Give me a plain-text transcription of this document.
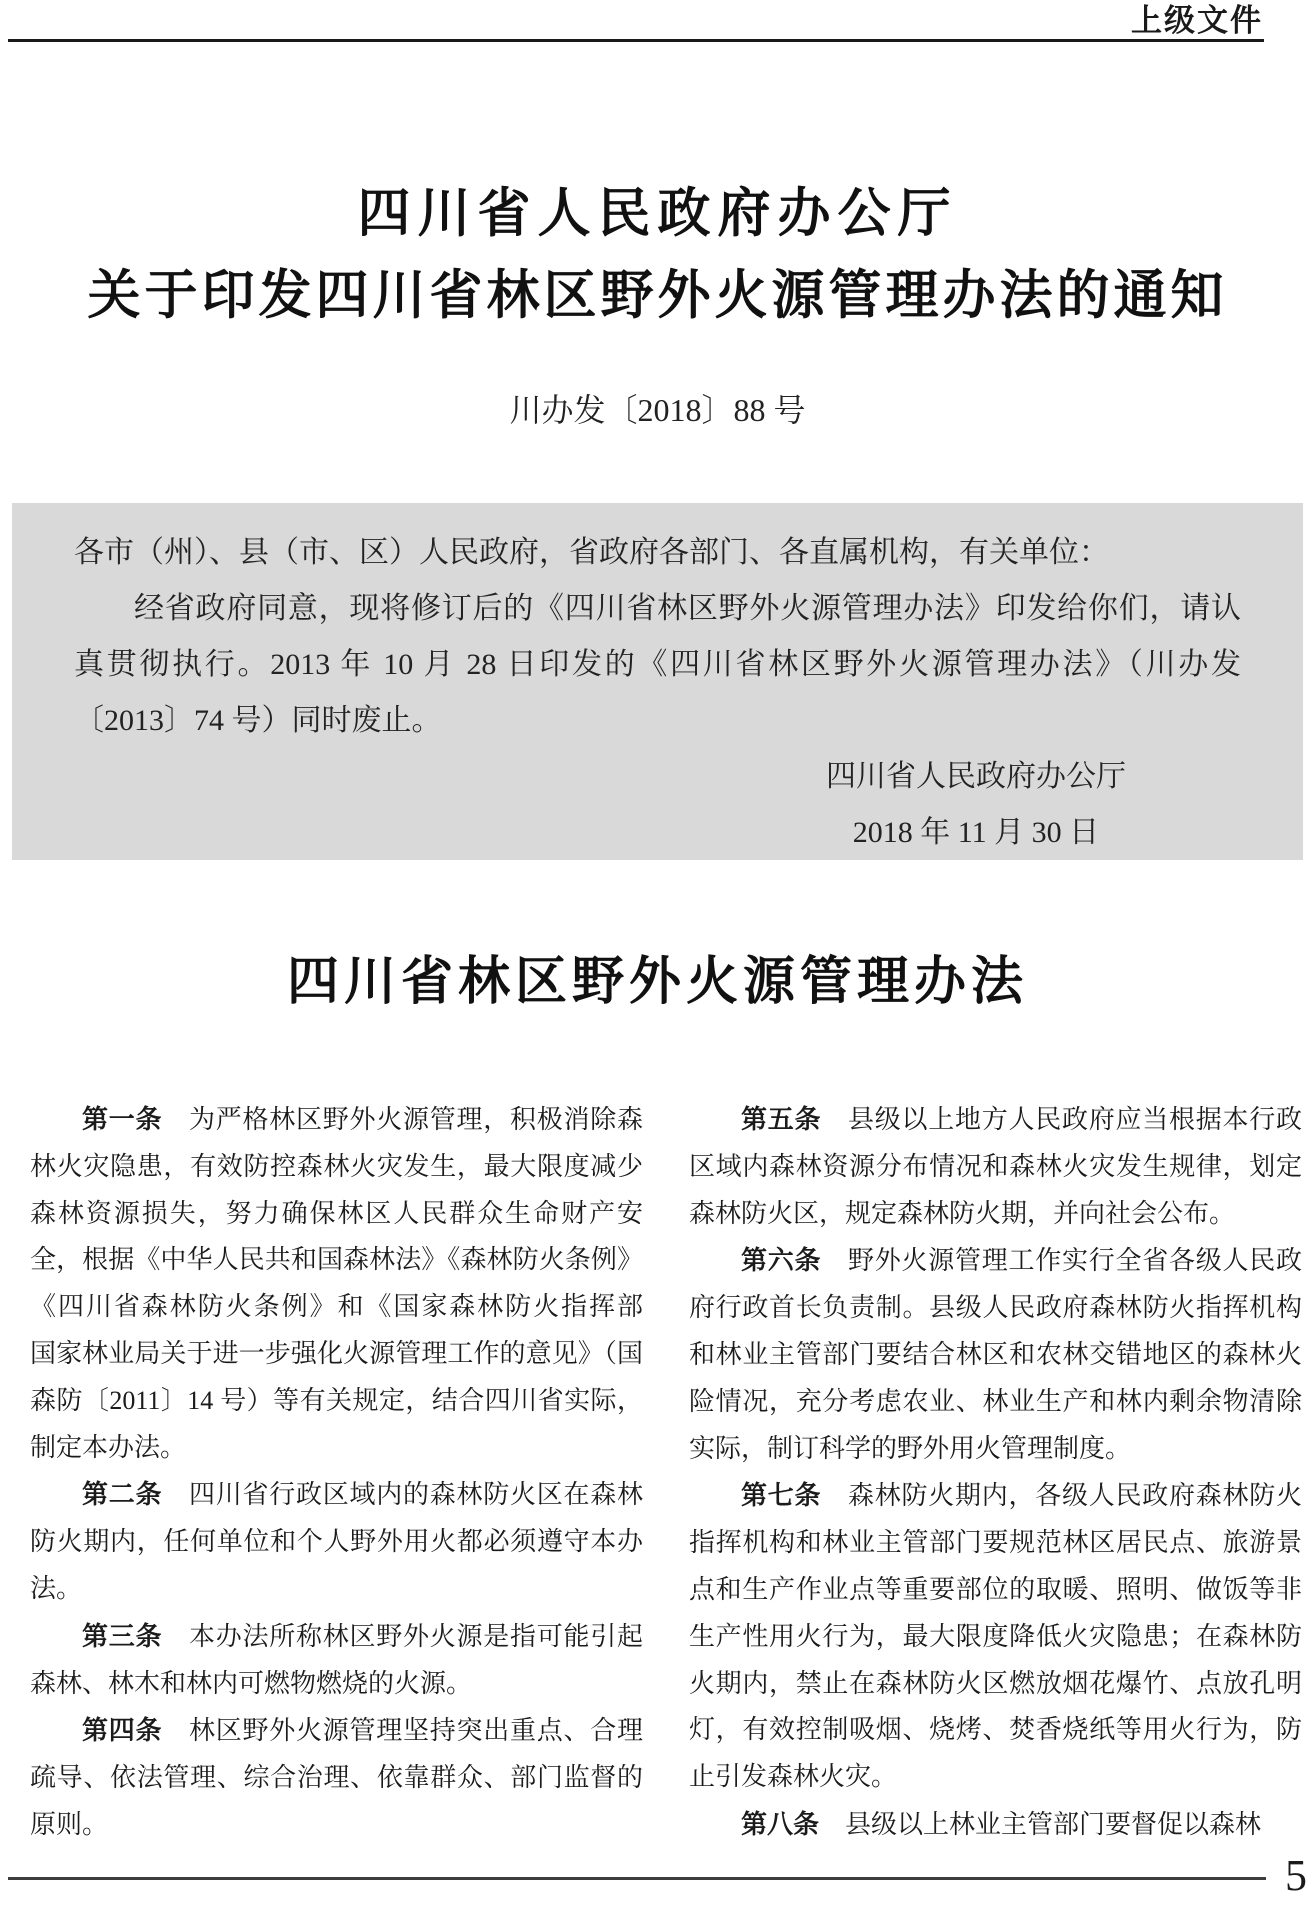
上级文件
四川省人民政府办公厅
关于印发四川省林区野外火源管理办法的通知
川办发〔2018〕88 号

各市（州）、县（市、区）人民政府，省政府各部门、各直属机构，有关单位：

经省政府同意，现将修订后的《四川省林区野外火源管理办法》印发给你们，请认真贯彻执行。2013 年 10 月 28 日印发的《四川省林区野外火源管理办法》（川办发〔2013〕74 号）同时废止。

四川省人民政府办公厅

2018 年 11 月 30 日

四川省林区野外火源管理办法

第一条　为严格林区野外火源管理，积极消除森林火灾隐患，有效防控森林火灾发生，最大限度减少森林资源损失，努力确保林区人民群众生命财产安全，根据《中华人民共和国森林法》《森林防火条例》《四川省森林防火条例》和《国家森林防火指挥部　国家林业局关于进一步强化火源管理工作的意见》（国森防〔2011〕14 号）等有关规定，结合四川省实际，制定本办法。

第二条　四川省行政区域内的森林防火区在森林防火期内，任何单位和个人野外用火都必须遵守本办法。

第三条　本办法所称林区野外火源是指可能引起森林、林木和林内可燃物燃烧的火源。

第四条　林区野外火源管理坚持突出重点、合理疏导、依法管理、综合治理、依靠群众、部门监督的原则。

第五条　县级以上地方人民政府应当根据本行政区域内森林资源分布情况和森林火灾发生规律，划定森林防火区，规定森林防火期，并向社会公布。

第六条　野外火源管理工作实行全省各级人民政府行政首长负责制。县级人民政府森林防火指挥机构和林业主管部门要结合林区和农林交错地区的森林火险情况，充分考虑农业、林业生产和林内剩余物清除实际，制订科学的野外用火管理制度。

第七条　森林防火期内，各级人民政府森林防火指挥机构和林业主管部门要规范林区居民点、旅游景点和生产作业点等重要部位的取暖、照明、做饭等非生产性用火行为，最大限度降低火灾隐患；在森林防火期内，禁止在森林防火区燃放烟花爆竹、点放孔明灯，有效控制吸烟、烧烤、焚香烧纸等用火行为，防止引发森林火灾。

第八条　县级以上林业主管部门要督促以森林

5
